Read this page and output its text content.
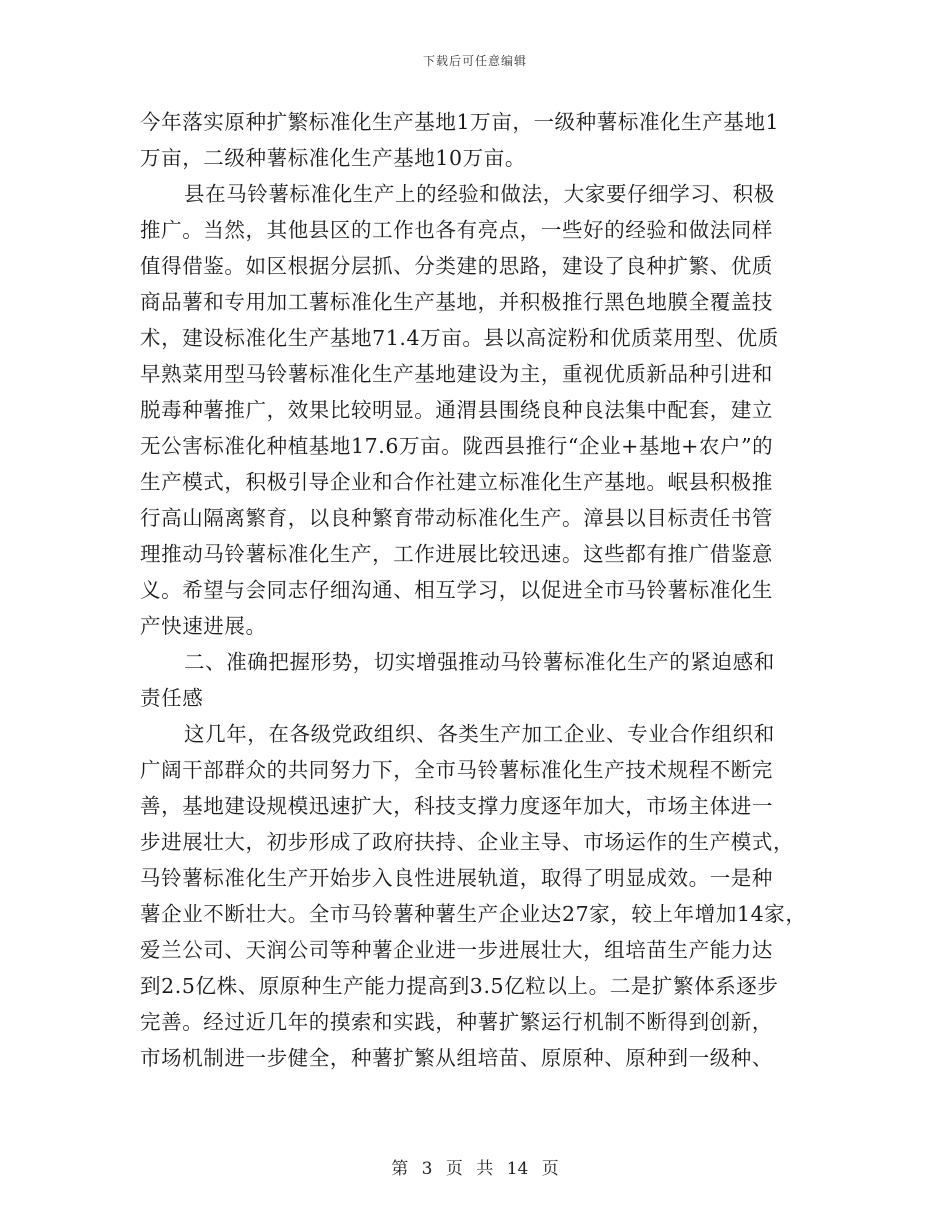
下载后可任意编辑
今年落实原种扩繁标准化生产基地1万亩，一级种薯标准化生产基地1
万亩，二级种薯标准化生产基地10万亩。
县在马铃薯标准化生产上的经验和做法，大家要仔细学习、积极
推广。当然，其他县区的工作也各有亮点，一些好的经验和做法同样
值得借鉴。如区根据分层抓、分类建的思路，建设了良种扩繁、优质
商品薯和专用加工薯标准化生产基地，并积极推行黑色地膜全覆盖技
术，建设标准化生产基地71.4万亩。县以高淀粉和优质菜用型、优质
早熟菜用型马铃薯标准化生产基地建设为主，重视优质新品种引进和
脱毒种薯推广，效果比较明显。通渭县围绕良种良法集中配套，建立
无公害标准化种植基地17.6万亩。陇西县推行“企业+基地+农户”的
生产模式，积极引导企业和合作社建立标准化生产基地。岷县积极推
行高山隔离繁育，以良种繁育带动标准化生产。漳县以目标责任书管
理推动马铃薯标准化生产，工作进展比较迅速。这些都有推广借鉴意
义。希望与会同志仔细沟通、相互学习，以促进全市马铃薯标准化生
产快速进展。
二、准确把握形势，切实增强推动马铃薯标准化生产的紧迫感和
责任感
这几年，在各级党政组织、各类生产加工企业、专业合作组织和
广阔干部群众的共同努力下，全市马铃薯标准化生产技术规程不断完
善，基地建设规模迅速扩大，科技支撑力度逐年加大，市场主体进一
步进展壮大，初步形成了政府扶持、企业主导、市场运作的生产模式，
马铃薯标准化生产开始步入良性进展轨道，取得了明显成效。一是种
薯企业不断壮大。全市马铃薯种薯生产企业达27家，较上年增加14家，
爱兰公司、天润公司等种薯企业进一步进展壮大，组培苗生产能力达
到2.5亿株、原原种生产能力提高到3.5亿粒以上。二是扩繁体系逐步
完善。经过近几年的摸索和实践，种薯扩繁运行机制不断得到创新，
市场机制进一步健全，种薯扩繁从组培苗、原原种、原种到一级种、
第 3 页 共 14 页
